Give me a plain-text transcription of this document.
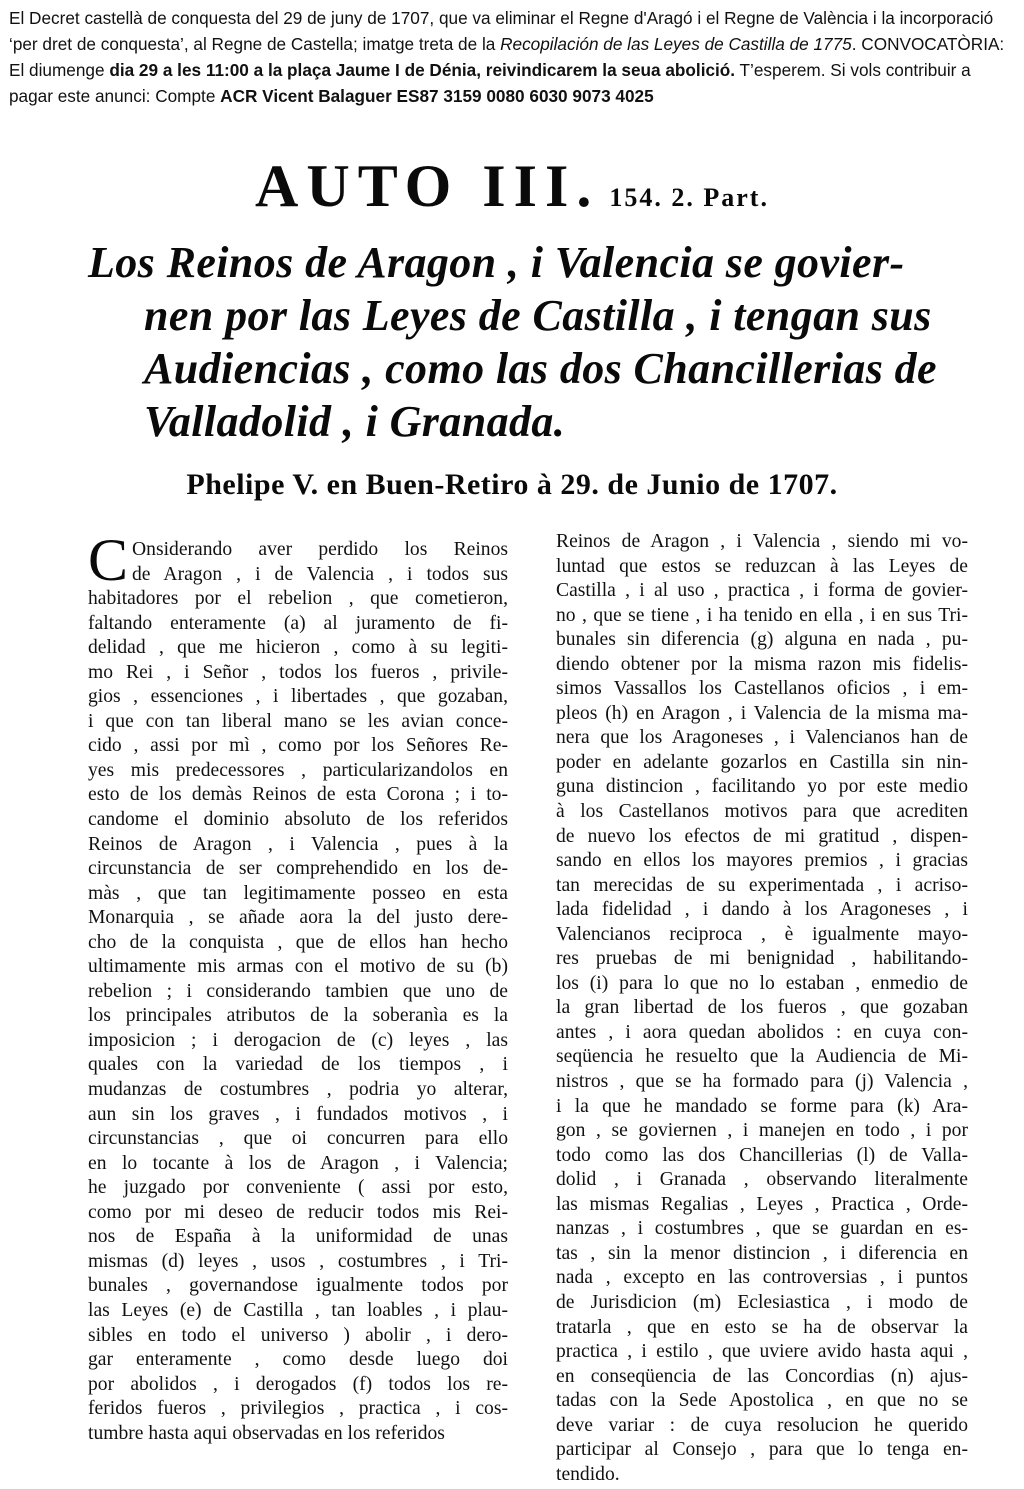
El Decret castellà de conquesta del 29 de juny de 1707, que va eliminar el Regne d'Aragó i el Regne de València i la incorporació ‘per dret de conquesta’, al Regne de Castella; imatge treta de la Recopilación de las Leyes de Castilla de 1775. CONVOCATÒRIA: El diumenge dia 29 a les 11:00 a la plaça Jaume I de Dénia, reivindicarem la seua abolició. T’esperem. Si vols contribuir a pagar este anunci: Compte ACR Vicent Balaguer ES87 3159 0080 6030 9073 4025
AUTO III. 154. 2. Part.
Los Reinos de Aragon , i Valencia se govier-
nen por las Leyes de Castilla , i tengan sus
Audiencias , como las dos Chancillerias de
Valladolid , i Granada.
Phelipe V. en Buen-Retiro à 29. de Junio de 1707.
C Onsiderando aver perdido los Reinos
de Aragon , i de Valencia , i todos sus
habitadores por el rebelion , que cometieron,
faltando enteramente (a) al juramento de fi-
delidad , que me hicieron , como à su legiti-
mo Rei , i Señor , todos los fueros , privile-
gios , essenciones , i libertades , que gozaban,
i que con tan liberal mano se les avian conce-
cido , assi por mì , como por los Señores Re-
yes mis predecessores , particularizandolos en
esto de los demàs Reinos de esta Corona ; i to-
candome el dominio absoluto de los referidos
Reinos de Aragon , i Valencia , pues à la
circunstancia de ser comprehendido en los de-
màs , que tan legitimamente posseo en esta
Monarquia , se añade aora la del justo dere-
cho de la conquista , que de ellos han hecho
ultimamente mis armas con el motivo de su (b)
rebelion ; i considerando tambien que uno de
los principales atributos de la soberanìa es la
imposicion ; i derogacion de (c) leyes , las
quales con la variedad de los tiempos , i
mudanzas de costumbres , podria yo alterar,
aun sin los graves , i fundados motivos , i
circunstancias , que oi concurren para ello
en lo tocante à los de Aragon , i Valencia;
he juzgado por conveniente ( assi por esto,
como por mi deseo de reducir todos mis Rei-
nos de España à la uniformidad de unas
mismas (d) leyes , usos , costumbres , i Tri-
bunales , governandose igualmente todos por
las Leyes (e) de Castilla , tan loables , i plau-
sibles en todo el universo ) abolir , i dero-
gar enteramente , como desde luego doi
por abolidos , i derogados (f) todos los re-
feridos fueros , privilegios , practica , i cos-
tumbre hasta aqui observadas en los referidos
Reinos de Aragon , i Valencia , siendo mi vo-
luntad que estos se reduzcan à las Leyes de
Castilla , i al uso , practica , i forma de govier-
no , que se tiene , i ha tenido en ella , i en sus Tri-
bunales sin diferencia (g) alguna en nada , pu-
diendo obtener por la misma razon mis fidelis-
simos Vassallos los Castellanos oficios , i em-
pleos (h) en Aragon , i Valencia de la misma ma-
nera que los Aragoneses , i Valencianos han de
poder en adelante gozarlos en Castilla sin nin-
guna distincion , facilitando yo por este medio
à los Castellanos motivos para que acrediten
de nuevo los efectos de mi gratitud , dispen-
sando en ellos los mayores premios , i gracias
tan merecidas de su experimentada , i acriso-
lada fidelidad , i dando à los Aragoneses , i
Valencianos reciproca , è igualmente mayo-
res pruebas de mi benignidad , habilitando-
los (i) para lo que no lo estaban , enmedio de
la gran libertad de los fueros , que gozaban
antes , i aora quedan abolidos : en cuya con-
seqüencia he resuelto que la Audiencia de Mi-
nistros , que se ha formado para (j) Valencia ,
i la que he mandado se forme para (k) Ara-
gon , se goviernen , i manejen en todo , i por
todo como las dos Chancillerias (l) de Valla-
dolid , i Granada , observando literalmente
las mismas Regalias , Leyes , Practica , Orde-
nanzas , i costumbres , que se guardan en es-
tas , sin la menor distincion , i diferencia en
nada , excepto en las controversias , i puntos
de Jurisdicion (m) Eclesiastica , i modo de
tratarla , que en esto se ha de observar la
practica , i estilo , que uviere avido hasta aqui ,
en conseqüencia de las Concordias (n) ajus-
tadas con la Sede Apostolica , en que no se
deve variar : de cuya resolucion he querido
participar al Consejo , para que lo tenga en-
tendido.
